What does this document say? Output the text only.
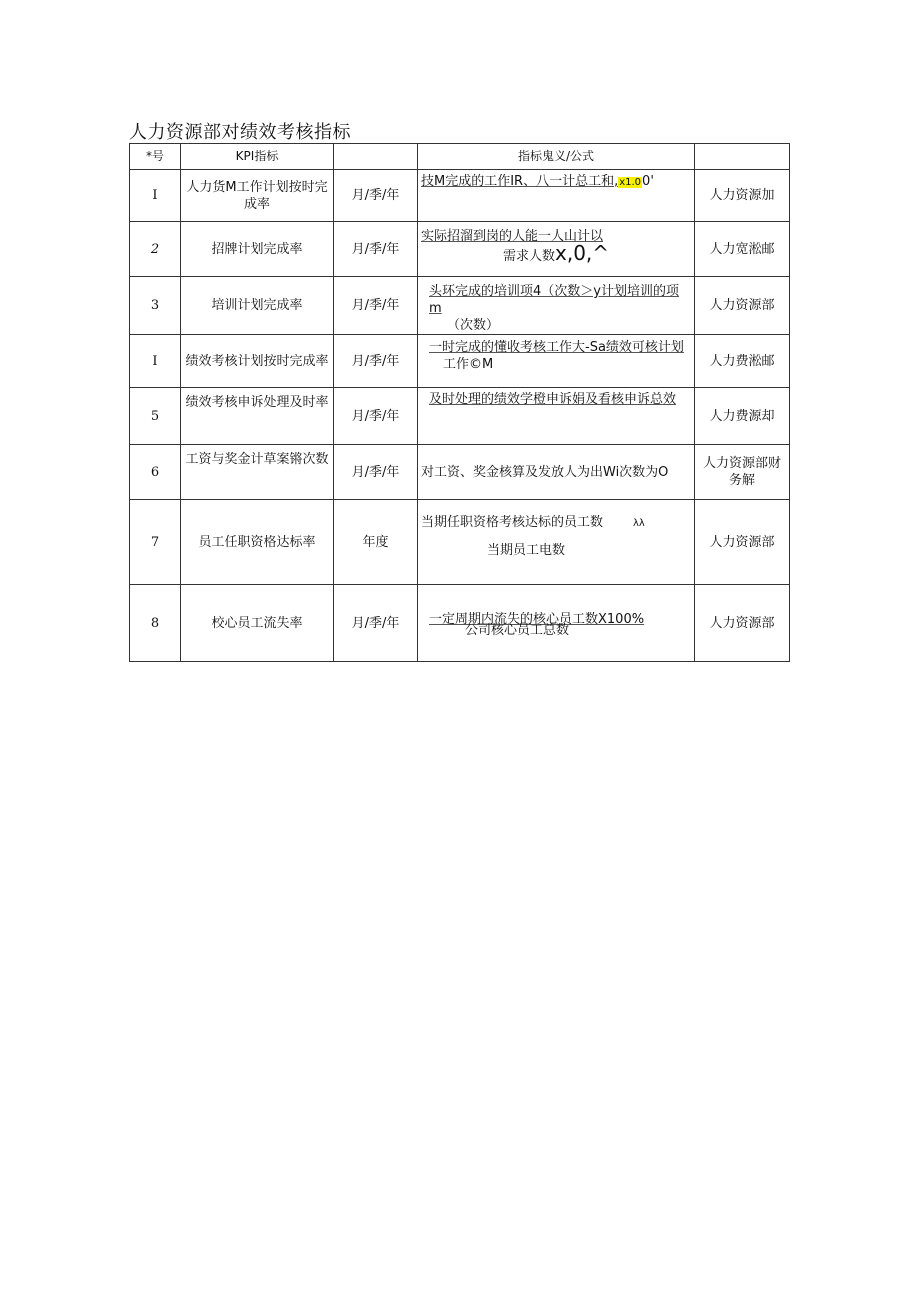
人力资源部对绩效考核指标
*号	KPI指标		指标鬼义/公式	
I	人力货M工作计划按时完成率	月/季/年	技M完成的工作IR、八一计总工和,x1.00'	人力资源加
2	招牌计划完成率	月/季/年	实际招溜到岗的人能一人山计以
需求人数x,0,^	人力宽淞邮
3	培训计划完成率	月/季/年	头环完成的培训项4（次数＞y计划培训的项m
（次数）	人力资源部
I	绩效考核计划按时完成率	月/季/年	一时完成的懂收考核工作大-Sa绩效可核计划
工作©M	人力费淞邮
5	绩效考核申诉处理及时率	月/季/年	及时处理的绩效学橙申诉娟及看核申诉总效	人力费源却
6	工资与奖金计草案锵次数	月/季/年	对工资、奖金核算及发放人为出Wi次数为O	人力资源部财务解
7	员工任职资格达标率	年度	当期任职资格考核达标的员工数 λλ
当期员工电数	人力资源部
8	校心员工流失率	月/季/年	一定周期内流失的核心员工数X100%
公司核心员工总数	人力资源部
